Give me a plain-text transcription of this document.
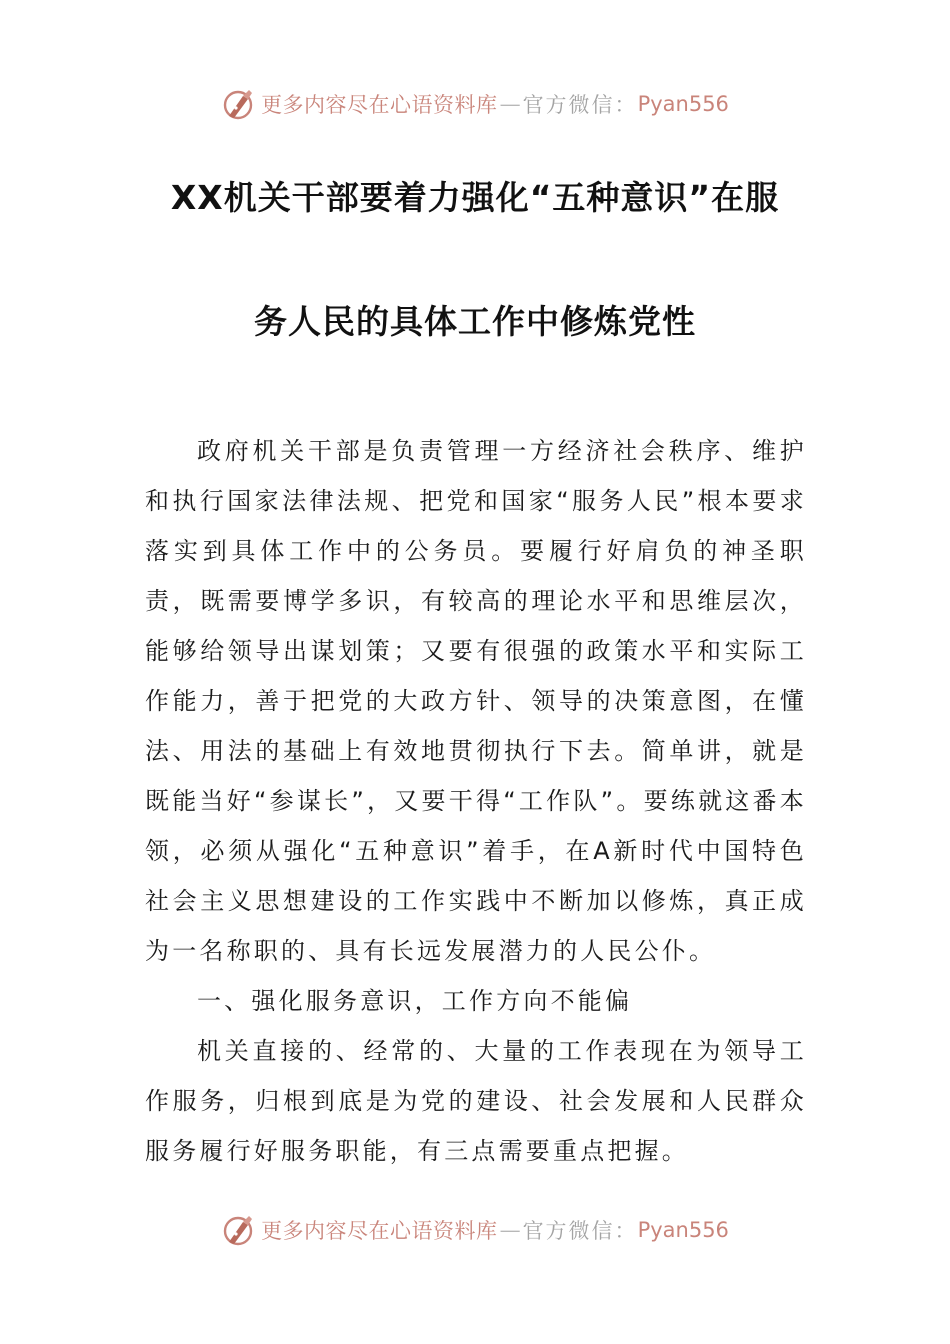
更多内容尽在心语资料库 — 官方微信： Pyan556
XX机关干部要着力强化“五种意识”在服
务人民的具体工作中修炼党性

政府机关干部是负责管理一方经济社会秩序、维护和执行国家法律法规、把党和国家“服务人民”根本要求落实到具体工作中的公务员。要履行好肩负的神圣职责，既需要博学多识，有较高的理论水平和思维层次，能够给领导出谋划策；又要有很强的政策水平和实际工作能力，善于把党的大政方针、领导的决策意图，在懂法、用法的基础上有效地贯彻执行下去。简单讲，就是既能当好“参谋长”，又要干得“工作队”。要练就这番本领，必须从强化“五种意识”着手，在A新时代中国特色社会主义思想建设的工作实践中不断加以修炼，真正成为一名称职的、具有长远发展潜力的人民公仆。

一、强化服务意识，工作方向不能偏

机关直接的、经常的、大量的工作表现在为领导工作服务，归根到底是为党的建设、社会发展和人民群众服务履行好服务职能，有三点需要重点把握。

更多内容尽在心语资料库 — 官方微信： Pyan556
